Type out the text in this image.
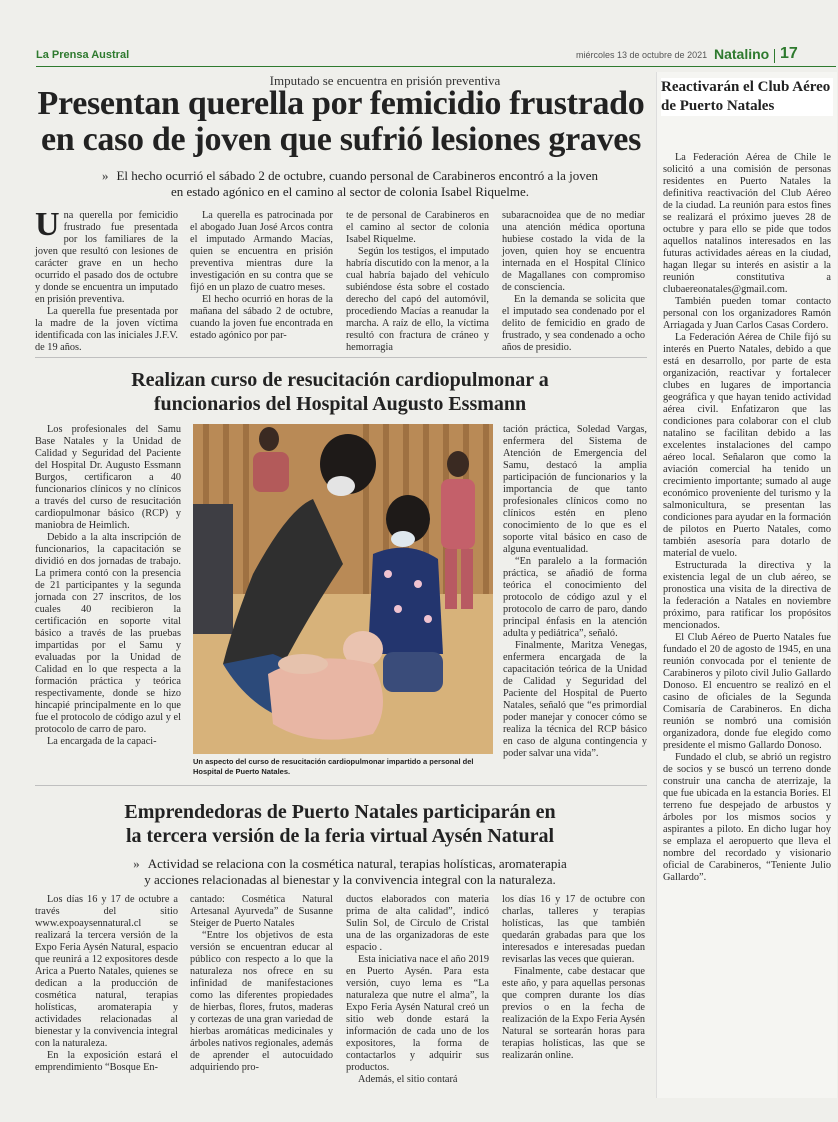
La Prensa Austral	miércoles 13 de octubre de 2021 Natalino 17
Imputado se encuentra en prisión preventiva
Presentan querella por femicidio frustrado
en caso de joven que sufrió lesiones graves
» El hecho ocurrió el sábado 2 de octubre, cuando personal de Carabineros encontró a la joven
en estado agónico en el camino al sector de colonia Isabel Riquelme.

Una querella por femicidio frustrado fue presentada por los familiares de la joven que resultó con lesiones de carácter grave en un hecho ocurrido el pasado dos de octubre y donde se encuentra un imputado en prisión preventiva.

La querella fue presentada por la madre de la joven víctima identificada con las iniciales J.F.V. de 19 años.

La querella es patrocinada por el abogado Juan José Arcos contra el imputado Armando Macías, quien se encuentra en prisión preventiva mientras dure la investigación en su contra que se fijó en un plazo de cuatro meses.

El hecho ocurrió en horas de la mañana del sábado 2 de octubre, cuando la joven fue encontrada en estado agónico por par-

te de personal de Carabineros en el camino al sector de colonia Isabel Riquelme.

Según los testigos, el imputado habría discutido con la menor, a la cual habría bajado del vehículo subiéndose ésta sobre el costado derecho del capó del automóvil, procediendo Macías a reanudar la marcha. A raíz de ello, la víctima resultó con fractura de cráneo y hemorragia

subaracnoidea que de no mediar una atención médica oportuna hubiese costado la vida de la joven, quien hoy se encuentra internada en el Hospital Clínico de Magallanes con compromiso de consciencia.

En la demanda se solicita que el imputado sea condenado por el delito de femicidio en grado de frustrado, y sea condenado a ocho años de presidio.

Realizan curso de resucitación cardiopulmonar a
funcionarios del Hospital Augusto Essmann

Los profesionales del Samu Base Natales y la Unidad de Calidad y Seguridad del Paciente del Hospital Dr. Augusto Essmann Burgos, certificaron a 40 funcionarios clínicos y no clínicos a través del curso de resucitación cardiopulmonar básico (RCP) y maniobra de Heimlich.

Debido a la alta inscripción de funcionarios, la capacitación se dividió en dos jornadas de trabajo. La primera contó con la presencia de 21 participantes y la segunda jornada con 27 inscritos, de los cuales 40 recibieron la certificación en soporte vital básico a través de las pruebas impartidas por el Samu y evaluadas por la Unidad de Calidad en lo que respecta a la formación práctica y teórica respectivamente, donde se hizo hincapié principalmente en lo que fue el protocolo de código azul y el protocolo de carro de paro.

La encargada de la capaci-

Un aspecto del curso de resucitación cardiopulmonar impartido a personal del Hospital de Puerto Natales.

tación práctica, Soledad Vargas, enfermera del Sistema de Atención de Emergencia del Samu, destacó la amplia participación de funcionarios y la importancia de que tanto profesionales clínicos como no clínicos estén en pleno conocimiento de lo que es el soporte vital básico en caso de alguna eventualidad.

“En paralelo a la formación práctica, se añadió de forma teórica el conocimiento del protocolo de código azul y el protocolo de carro de paro, dando principal énfasis en la atención adulta y pediátrica”, señaló.

Finalmente, Maritza Venegas, enfermera encargada de la capacitación teórica de la Unidad de Calidad y Seguridad del Paciente del Hospital de Puerto Natales, señaló que “es primordial poder manejar y conocer cómo se realiza la técnica del RCP básico en caso de alguna contingencia y poder salvar una vida”.

Emprendedoras de Puerto Natales participarán en
la tercera versión de la feria virtual Aysén Natural
» Actividad se relaciona con la cosmética natural, terapias holísticas, aromaterapia
y acciones relacionadas al bienestar y la convivencia integral con la naturaleza.

Los días 16 y 17 de octubre a través del sitio www.expoaysennatural.cl se realizará la tercera versión de la Expo Feria Aysén Natural, espacio que reunirá a 12 expositores desde Arica a Puerto Natales, quienes se dedican a la producción de cosmética natural, terapias holísticas, aromaterapia y actividades relacionadas al bienestar y la convivencia integral con la naturaleza.

En la exposición estará el emprendimiento “Bosque En-

cantado: Cosmética Natural Artesanal Ayurveda” de Susanne Steiger de Puerto Natales

“Entre los objetivos de esta versión se encuentran educar al público con respecto a lo que la naturaleza nos ofrece en su infinidad de manifestaciones como las diferentes propiedades de hierbas, flores, frutos, maderas y cortezas de una gran variedad de hierbas aromáticas medicinales y árboles nativos regionales, además de aprender el autocuidado adquiriendo pro-

ductos elaborados con materia prima de alta calidad”, indicó Sulin Sol, de Círculo de Cristal una de las organizadoras de este espacio .

Esta iniciativa nace el año 2019 en Puerto Aysén. Para esta versión, cuyo lema es “La naturaleza que nutre el alma”, la Expo Feria Aysén Natural creó un sitio web donde estará la información de cada uno de los expositores, la forma de contactarlos y adquirir sus productos.

Además, el sitio contará

los días 16 y 17 de octubre con charlas, talleres y terapias holísticas, las que también quedarán grabadas para que los interesados e interesadas puedan revisarlas las veces que quieran.

Finalmente, cabe destacar que este año, y para aquellas personas que compren durante los días previos o en la fecha de realización de la Expo Feria Aysén Natural se sortearán horas para terapias holísticas, las que se realizarán online.

Reactivarán el Club Aéreo de Puerto Natales

La Federación Aérea de Chile le solicitó a una comisión de personas residentes en Puerto Natales la definitiva reactivación del Club Aéreo de la ciudad. La reunión para estos fines se realizará el próximo jueves 28 de octubre y para ello se pide que todos aquellos natalinos interesados en las futuras actividades aéreas en la ciudad, hagan llegar su interés en asistir a la reunión constitutiva a clubaereonatales@gmail.com.

También pueden tomar contacto personal con los organizadores Ramón Arriagada y Juan Carlos Casas Cordero.

La Federación Aérea de Chile fijó su interés en Puerto Natales, debido a que está en desarrollo, por parte de esta organización, reactivar y fortalecer clubes en lugares de importancia geográfica y que hayan tenido actividad aérea civil. Enfatizaron que las condiciones para colaborar con el club natalino se facilitan debido a las excelentes instalaciones del campo aéreo local. Señalaron que como la aviación comercial ha tenido un crecimiento importante; sumado al auge económico proveniente del turismo y la salmonicultura, se presentan las condiciones para ayudar en la formación de pilotos en Puerto Natales, como también asesoría para dotarlo de material de vuelo.

Estructurada la directiva y la existencia legal de un club aéreo, se pronostica una visita de la directiva de la federación a Natales en noviembre próximo, para ratificar los propósitos mencionados.

El Club Aéreo de Puerto Natales fue fundado el 20 de agosto de 1945, en una reunión convocada por el teniente de Carabineros y piloto civil Julio Gallardo Donoso. El encuentro se realizó en el casino de oficiales de la Segunda Comisaría de Carabineros. En dicha reunión se nombró una comisión organizadora, donde fue elegido como presidente el mismo Gallardo Donoso.

Fundado el club, se abrió un registro de socios y se buscó un terreno donde construir una cancha de aterrizaje, la que fue ubicada en la estancia Bories. El terreno fue despejado de arbustos y árboles por los mismos socios y aspirantes a piloto. En dicho lugar hoy se emplaza el aeropuerto que lleva el nombre del recordado y visionario oficial de Carabineros, “Teniente Julio Gallardo”.
